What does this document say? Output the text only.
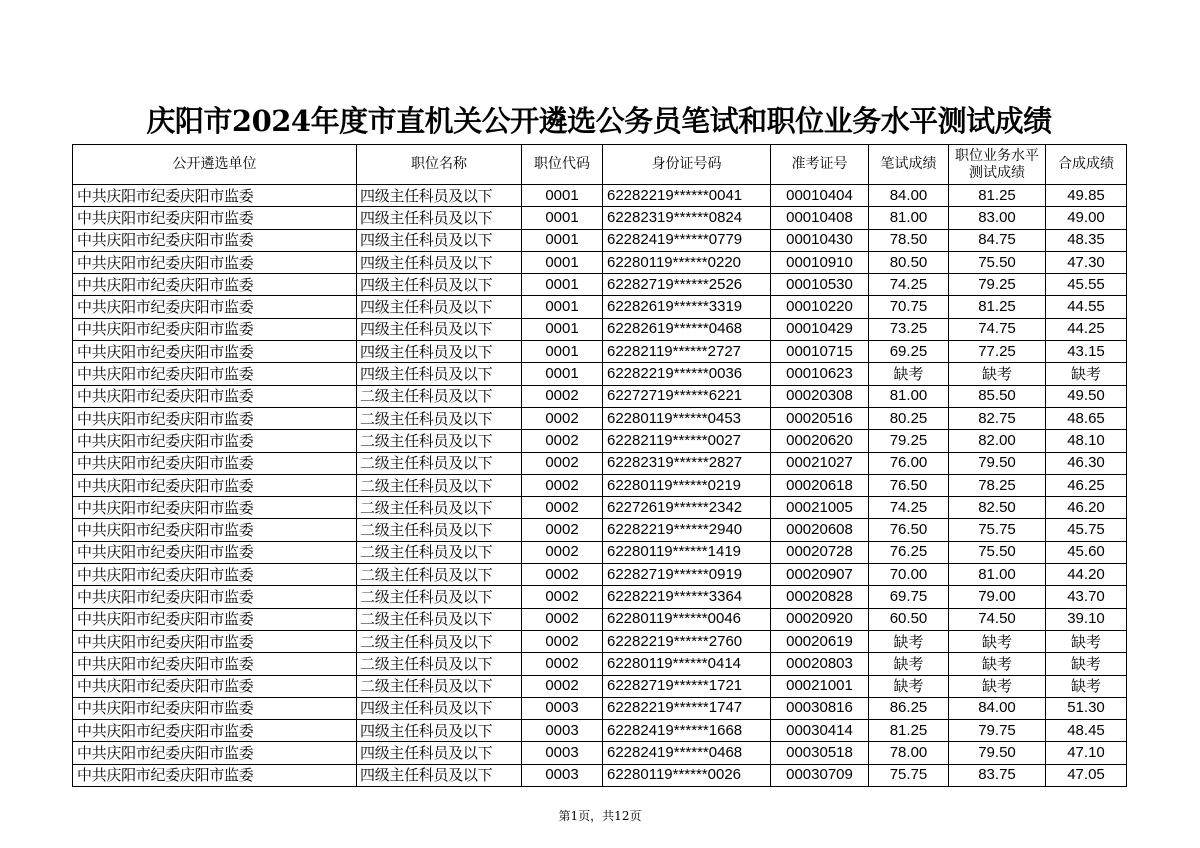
庆阳市2024年度市直机关公开遴选公务员笔试和职位业务水平测试成绩
公开遴选单位	职位名称	职位代码	身份证号码	准考证号	笔试成绩	职位业务水平测试成绩	合成成绩
中共庆阳市纪委庆阳市监委	四级主任科员及以下	0001	62282219******0041	00010404	84.00	81.25	49.85
中共庆阳市纪委庆阳市监委	四级主任科员及以下	0001	62282319******0824	00010408	81.00	83.00	49.00
中共庆阳市纪委庆阳市监委	四级主任科员及以下	0001	62282419******0779	00010430	78.50	84.75	48.35
中共庆阳市纪委庆阳市监委	四级主任科员及以下	0001	62280119******0220	00010910	80.50	75.50	47.30
中共庆阳市纪委庆阳市监委	四级主任科员及以下	0001	62282719******2526	00010530	74.25	79.25	45.55
中共庆阳市纪委庆阳市监委	四级主任科员及以下	0001	62282619******3319	00010220	70.75	81.25	44.55
中共庆阳市纪委庆阳市监委	四级主任科员及以下	0001	62282619******0468	00010429	73.25	74.75	44.25
中共庆阳市纪委庆阳市监委	四级主任科员及以下	0001	62282119******2727	00010715	69.25	77.25	43.15
中共庆阳市纪委庆阳市监委	四级主任科员及以下	0001	62282219******0036	00010623	缺考	缺考	缺考
中共庆阳市纪委庆阳市监委	二级主任科员及以下	0002	62272719******6221	00020308	81.00	85.50	49.50
中共庆阳市纪委庆阳市监委	二级主任科员及以下	0002	62280119******0453	00020516	80.25	82.75	48.65
中共庆阳市纪委庆阳市监委	二级主任科员及以下	0002	62282119******0027	00020620	79.25	82.00	48.10
中共庆阳市纪委庆阳市监委	二级主任科员及以下	0002	62282319******2827	00021027	76.00	79.50	46.30
中共庆阳市纪委庆阳市监委	二级主任科员及以下	0002	62280119******0219	00020618	76.50	78.25	46.25
中共庆阳市纪委庆阳市监委	二级主任科员及以下	0002	62272619******2342	00021005	74.25	82.50	46.20
中共庆阳市纪委庆阳市监委	二级主任科员及以下	0002	62282219******2940	00020608	76.50	75.75	45.75
中共庆阳市纪委庆阳市监委	二级主任科员及以下	0002	62280119******1419	00020728	76.25	75.50	45.60
中共庆阳市纪委庆阳市监委	二级主任科员及以下	0002	62282719******0919	00020907	70.00	81.00	44.20
中共庆阳市纪委庆阳市监委	二级主任科员及以下	0002	62282219******3364	00020828	69.75	79.00	43.70
中共庆阳市纪委庆阳市监委	二级主任科员及以下	0002	62280119******0046	00020920	60.50	74.50	39.10
中共庆阳市纪委庆阳市监委	二级主任科员及以下	0002	62282219******2760	00020619	缺考	缺考	缺考
中共庆阳市纪委庆阳市监委	二级主任科员及以下	0002	62280119******0414	00020803	缺考	缺考	缺考
中共庆阳市纪委庆阳市监委	二级主任科员及以下	0002	62282719******1721	00021001	缺考	缺考	缺考
中共庆阳市纪委庆阳市监委	四级主任科员及以下	0003	62282219******1747	00030816	86.25	84.00	51.30
中共庆阳市纪委庆阳市监委	四级主任科员及以下	0003	62282419******1668	00030414	81.25	79.75	48.45
中共庆阳市纪委庆阳市监委	四级主任科员及以下	0003	62282419******0468	00030518	78.00	79.50	47.10
中共庆阳市纪委庆阳市监委	四级主任科员及以下	0003	62280119******0026	00030709	75.75	83.75	47.05
第1页，共12页
